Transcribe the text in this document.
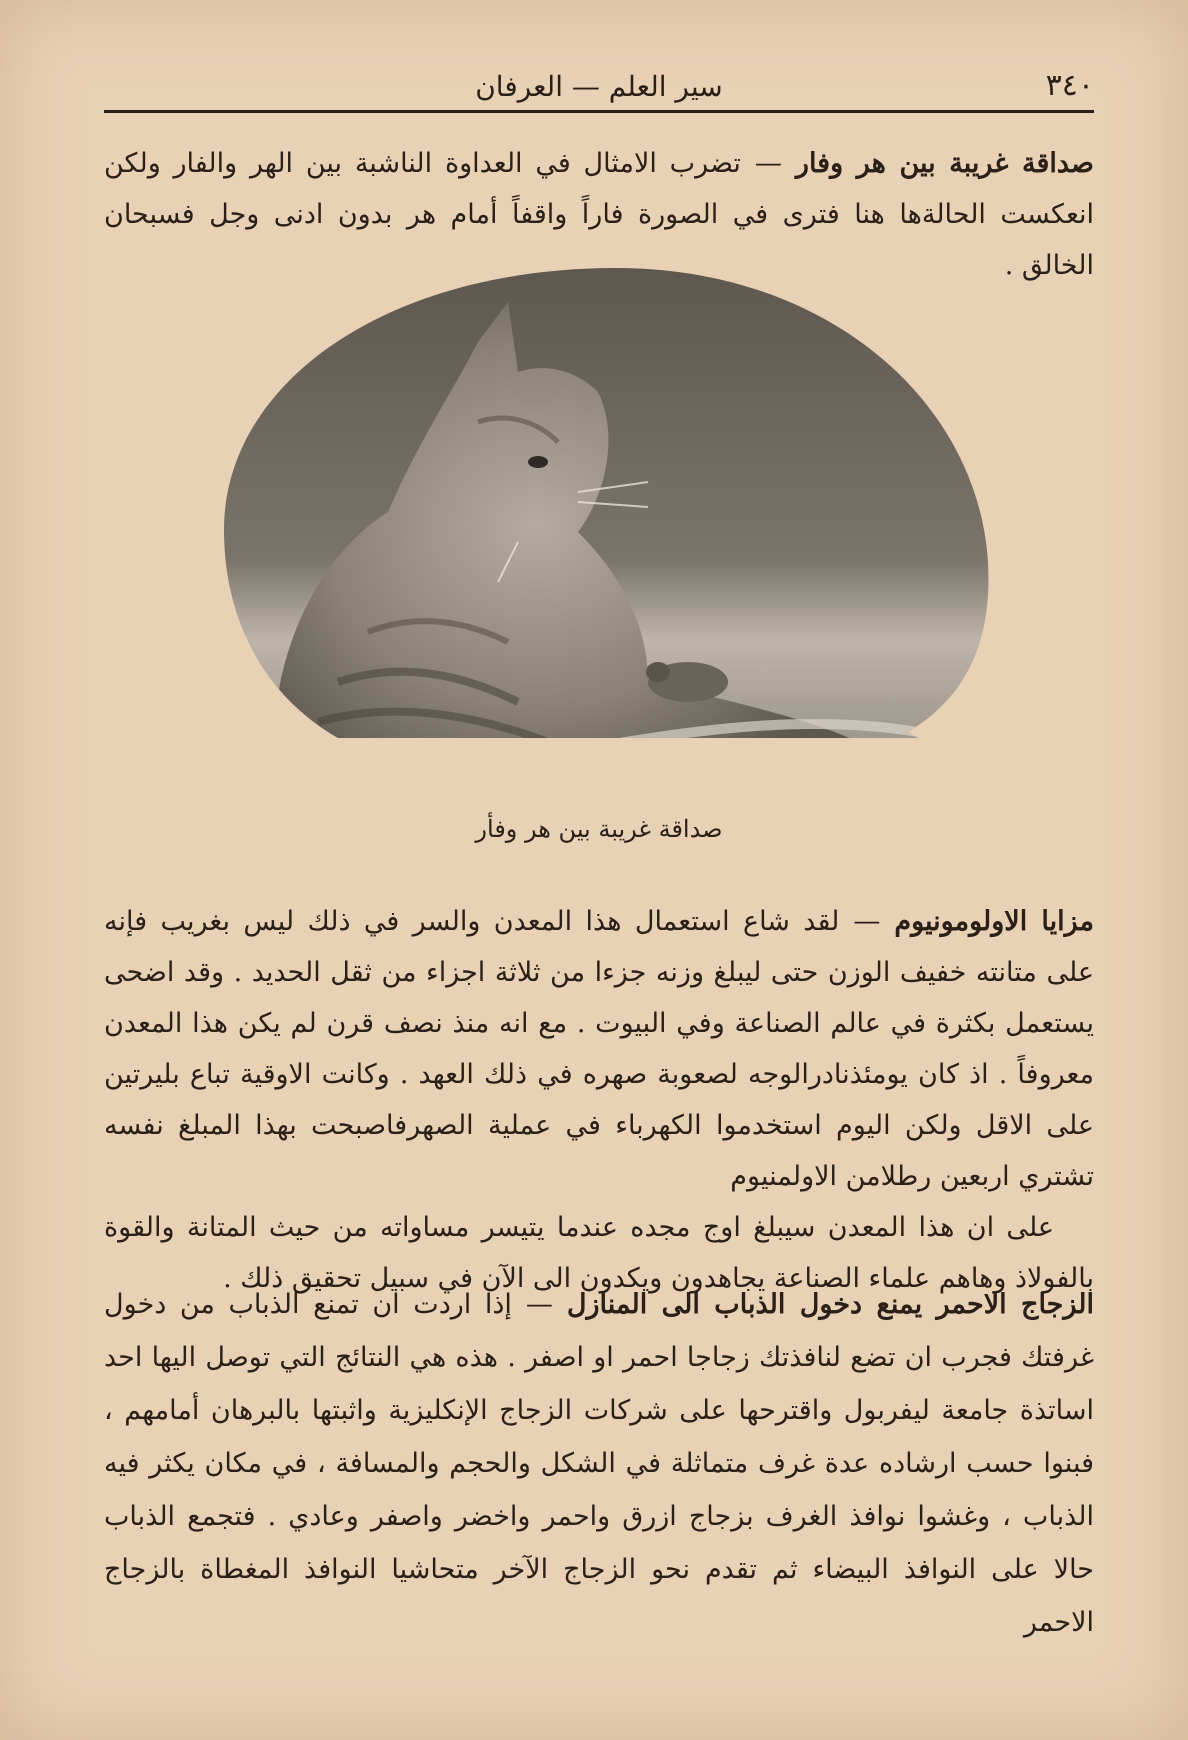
٣٤٠
سير العلم — العرفان

صداقة غريبة بين هر وفار—تضرب الامثال في العداوة الناشبة بين الهر والفار ولكن انعكست الحالةها هنا فترى في الصورة فاراً واقفاً أمام هر بدون ادنى وجل فسبحان الخالق .

صداقة غريبة بين هر وفأر

مزايا الاولومونيوم—لقد شاع استعمال هذا المعدن والسر في ذلك ليس بغريب فإنه على متانته خفيف الوزن حتى ليبلغ وزنه جزءا من ثلاثة اجزاء من ثقل الحديد . وقد اضحى يستعمل بكثرة في عالم الصناعة وفي البيوت . مع انه منذ نصف قرن لم يكن هذا المعدن معروفاً . اذ كان يومئذنادرالوجه لصعوبة صهره في ذلك العهد . وكانت الاوقية تباع بليرتين على الاقل ولكن اليوم استخدموا الكهرباء في عملية الصهرفاصبحت بهذا المبلغ نفسه تشتري اربعين رطلامن الاولمنيوم

على ان هذا المعدن سيبلغ اوج مجده عندما يتيسر مساواته من حيث المتانة والقوة بالفولاذ وهاهم علماء الصناعة يجاهدون ويكدون الى الآن في سبيل تحقيق ذلك .

الزجاج الاحمر يمنع دخول الذباب الى المنازل—إذا اردت ان تمنع الذباب من دخول غرفتك فجرب ان تضع لنافذتك زجاجا احمر او اصفر . هذه هي النتائج التي توصل اليها احد اساتذة جامعة ليفربول واقترحها على شركات الزجاج الإنكليزية واثبتها بالبرهان أمامهم ، فبنوا حسب ارشاده عدة غرف متماثلة في الشكل والحجم والمسافة ، في مكان يكثر فيه الذباب ، وغشوا نوافذ الغرف بزجاج ازرق واحمر واخضر واصفر وعادي . فتجمع الذباب حالا على النوافذ البيضاء ثم تقدم نحو الزجاج الآخر متحاشيا النوافذ المغطاة بالزجاج الاحمر
